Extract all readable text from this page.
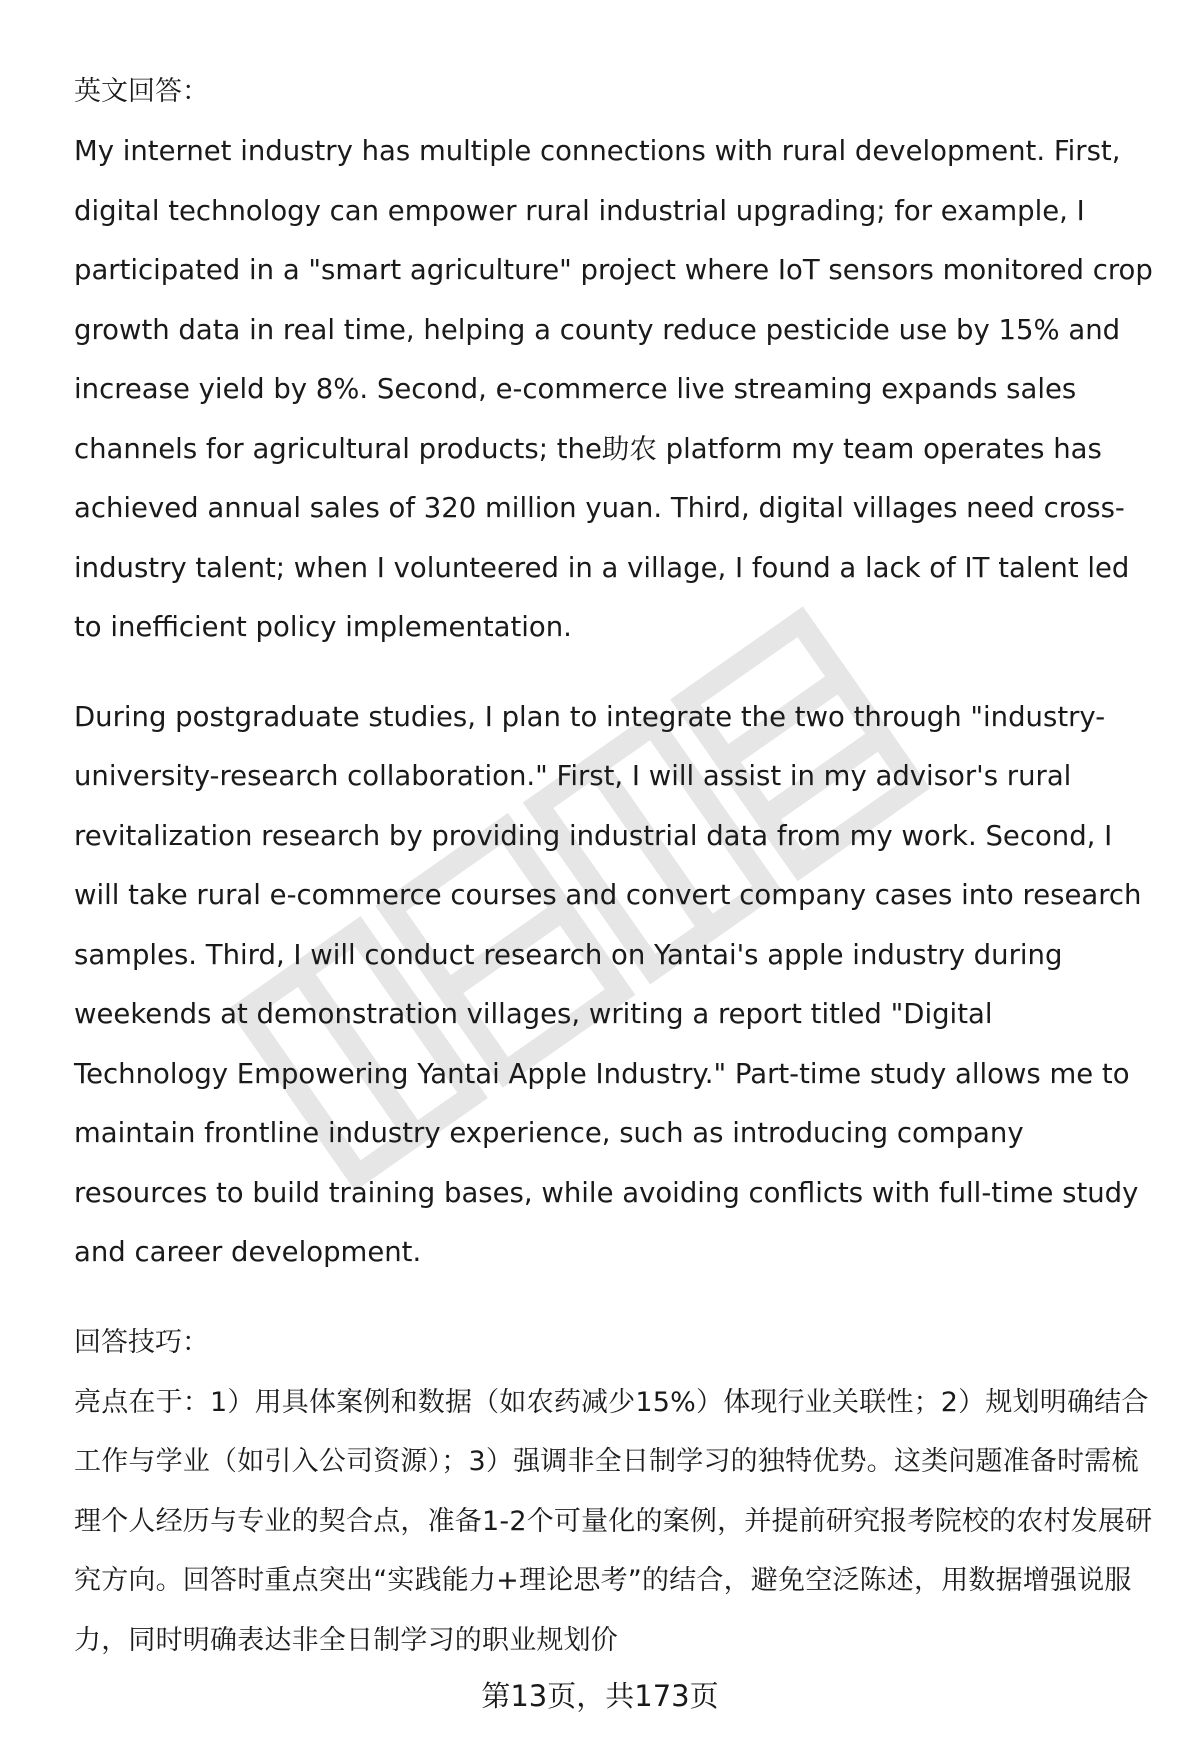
英文回答：

My internet industry has multiple connections with rural development. First, digital technology can empower rural industrial upgrading; for example, I participated in a "smart agriculture" project where IoT sensors monitored crop growth data in real time, helping a county reduce pesticide use by 15% and increase yield by 8%. Second, e-commerce live streaming expands sales channels for agricultural products; the助农 platform my team operates has achieved annual sales of 320 million yuan. Third, digital villages need cross-industry talent; when I volunteered in a village, I found a lack of IT talent led to inefficient policy implementation.

During postgraduate studies, I plan to integrate the two through "industry-university-research collaboration." First, I will assist in my advisor's rural revitalization research by providing industrial data from my work. Second, I will take rural e-commerce courses and convert company cases into research samples. Third, I will conduct research on Yantai's apple industry during weekends at demonstration villages, writing a report titled "Digital Technology Empowering Yantai Apple Industry." Part-time study allows me to maintain frontline industry experience, such as introducing company resources to build training bases, while avoiding conflicts with full-time study and career development.

回答技巧：

亮点在于：1）用具体案例和数据（如农药减少15%）体现行业关联性；2）规划明确结合工作与学业（如引入公司资源）；3）强调非全日制学习的独特优势。这类问题准备时需梳理个人经历与专业的契合点，准备1-2个可量化的案例，并提前研究报考院校的农村发展研究方向。回答时重点突出“实践能力+理论思考”的结合，避免空泛陈述，用数据增强说服力，同时明确表达非全日制学习的职业规划价

第13页，共173页
